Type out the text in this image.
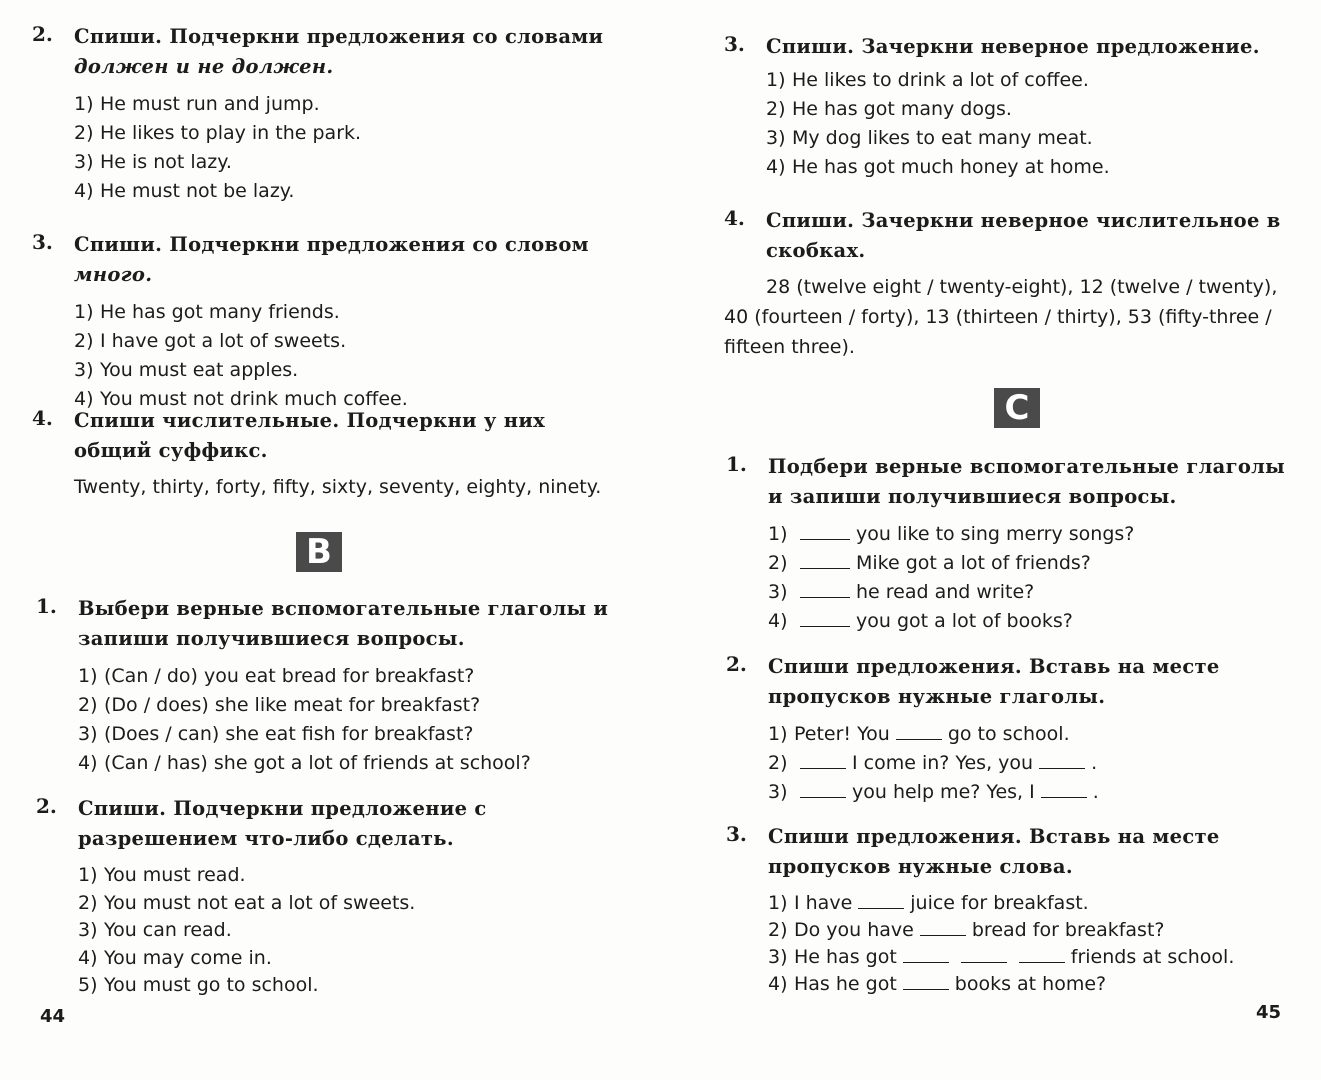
2. Спиши. Подчеркни предложения со словами
должен и не должен.
1) He must run and jump.
2) He likes to play in the park.
3) He is not lazy.
4) He must not be lazy.
3. Спиши. Подчеркни предложения со словом много.
1) He has got many friends.
2) I have got a lot of sweets.
3) You must eat apples.
4) You must not drink much coffee.
4. Спиши числительные. Подчеркни у них общий суффикс.
Twenty, thirty, forty, fifty, sixty, seventy, eighty, ninety.
B
1. Выбери верные вспомогательные глаголы и запиши получившиеся вопросы.
1) (Can / do) you eat bread for breakfast?
2) (Do / does) she like meat for breakfast?
3) (Does / can) she eat fish for breakfast?
4) (Can / has) she got a lot of friends at school?
2. Спиши. Подчеркни предложение с разрешением что-либо сделать.
1) You must read.
2) You must not eat a lot of sweets.
3) You can read.
4) You may come in.
5) You must go to school.
44
3. Спиши. Зачеркни неверное предложение.
1) He likes to drink a lot of coffee.
2) He has got many dogs.
3) My dog likes to eat many meat.
4) He has got much honey at home.
4. Спиши. Зачеркни неверное числительное в скобках.
28 (twelve eight / twenty-eight), 12 (twelve / twenty), 40 (fourteen / forty), 13 (thirteen / thirty), 53 (fifty-three / fifteen three).
C
1. Подбери верные вспомогательные глаголы и запиши получившиеся вопросы.
1)	you like to sing merry songs?
2)	Mike got a lot of friends?
3)	he read and write?
4)	you got a lot of books?
2. Спиши предложения. Вставь на месте пропусков нужные глаголы.
1) Peter! You	go to school.
2)	I come in? Yes, you	.
3)	you help me? Yes, I	.
3. Спиши предложения. Вставь на месте пропусков нужные слова.
1) I have	juice for breakfast.
2) Do you have	bread for breakfast?
3) He has got	friends at school.
4) Has he got	books at home?
45
